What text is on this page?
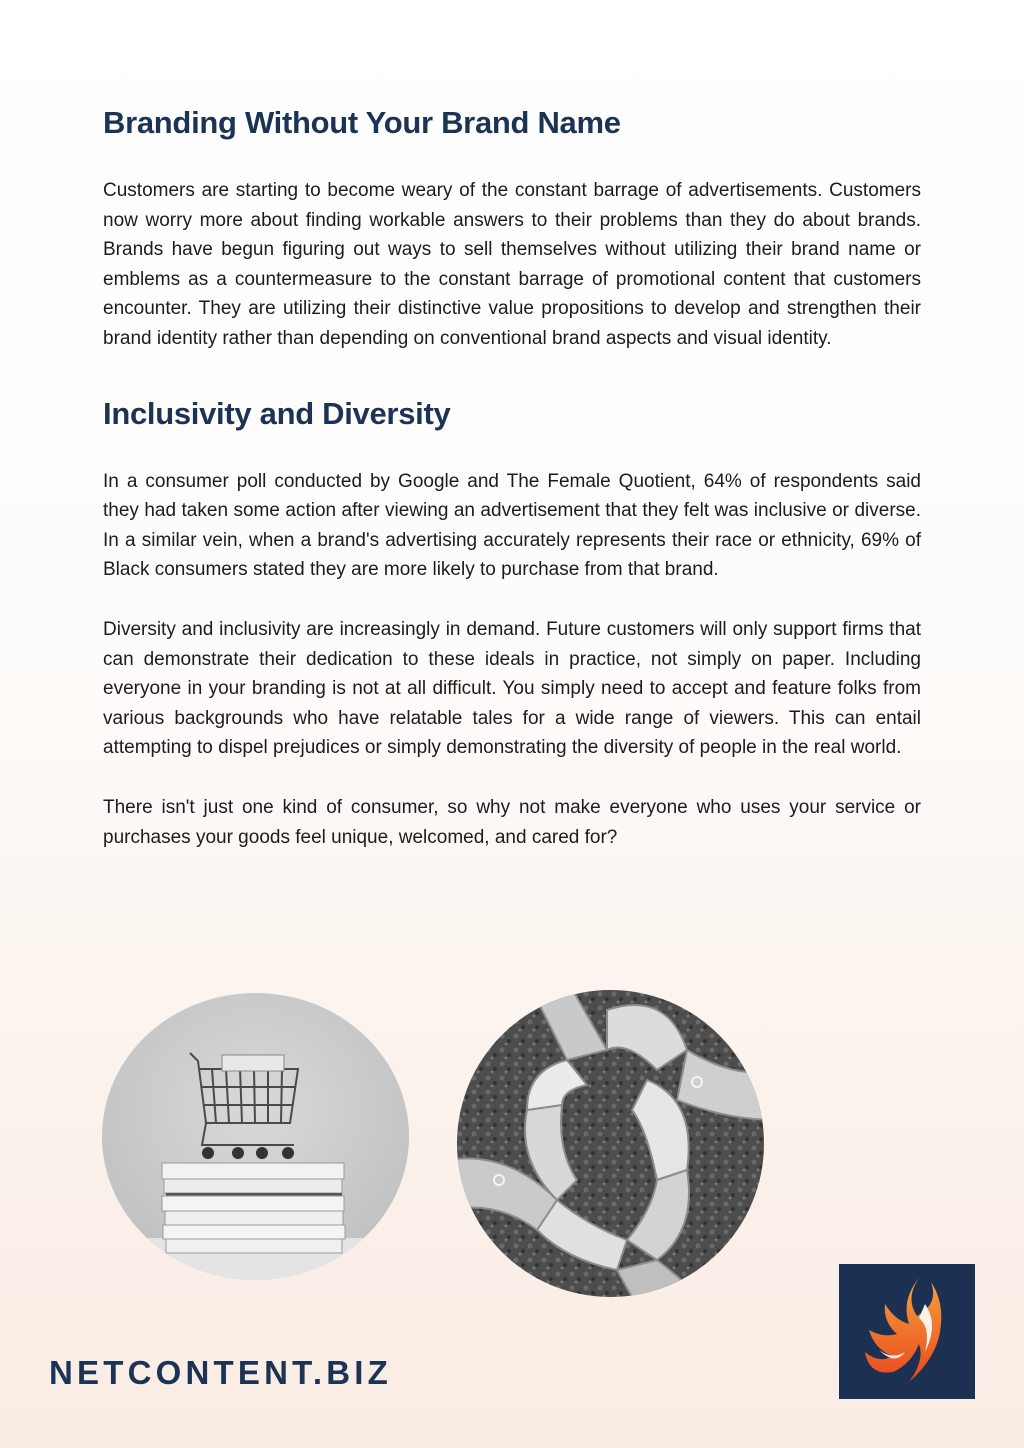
Branding Without Your Brand Name

Customers are starting to become weary of the constant barrage of advertisements. Customers now worry more about finding workable answers to their problems than they do about brands. Brands have begun figuring out ways to sell themselves without utilizing their brand name or emblems as a countermeasure to the constant barrage of promotional content that customers encounter. They are utilizing their distinctive value propositions to develop and strengthen their brand identity rather than depending on conventional brand aspects and visual identity.

Inclusivity and Diversity

In a consumer poll conducted by Google and The Female Quotient, 64% of respondents said they had taken some action after viewing an advertisement that they felt was inclusive or diverse. In a similar vein, when a brand's advertising accurately represents their race or ethnicity, 69% of Black consumers stated they are more likely to purchase from that brand.

Diversity and inclusivity are increasingly in demand. Future customers will only support firms that can demonstrate their dedication to these ideals in practice, not simply on paper. Including everyone in your branding is not at all difficult. You simply need to accept and feature folks from various backgrounds who have relatable tales for a wide range of viewers. This can entail attempting to dispel prejudices or simply demonstrating the diversity of people in the real world.

There isn't just one kind of consumer, so why not make everyone who uses your service or purchases your goods feel unique, welcomed, and cared for?

NETCONTENT.BIZ
